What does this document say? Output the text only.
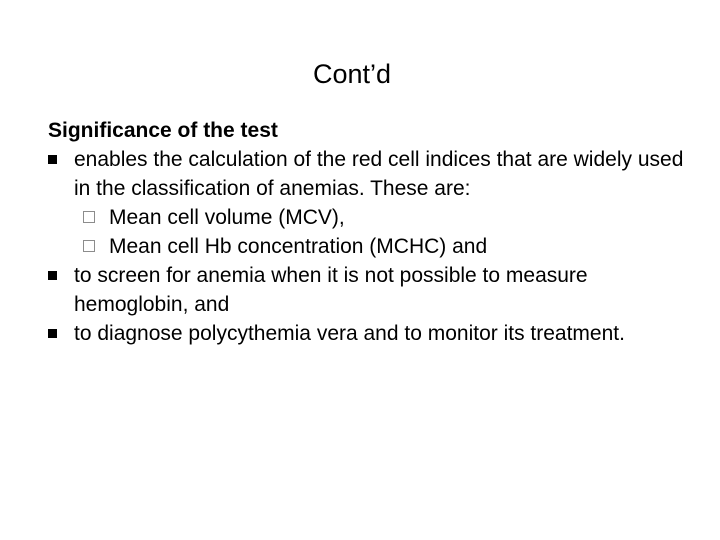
Cont’d

Significance of the test

enables the calculation of the red cell indices that are widely used in the classification of anemias. These are:
Mean cell volume (MCV),
Mean cell Hb concentration (MCHC) and
to screen for anemia when it is not possible to measure hemoglobin, and
to diagnose polycythemia vera and to monitor its treatment.
